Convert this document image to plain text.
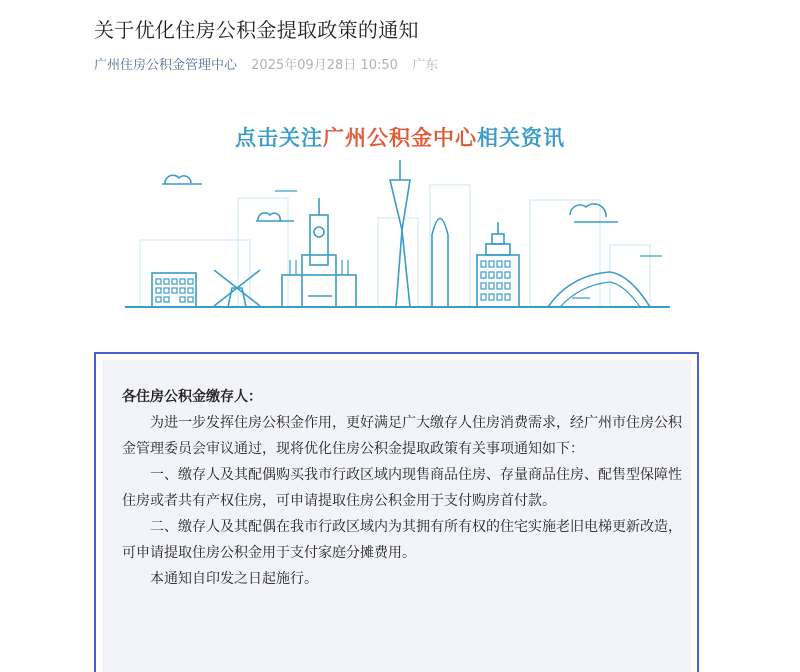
关于优化住房公积金提取政策的通知
广州住房公积金管理中心 2025年09月28日 10:50 广东
点击关注广州公积金中心相关资讯

各住房公积金缴存人：

为进一步发挥住房公积金作用，更好满足广大缴存人住房消费需求，经广州市住房公积金管理委员会审议通过，现将优化住房公积金提取政策有关事项通知如下：

一、缴存人及其配偶购买我市行政区域内现售商品住房、存量商品住房、配售型保障性住房或者共有产权住房，可申请提取住房公积金用于支付购房首付款。

二、缴存人及其配偶在我市行政区域内为其拥有所有权的住宅实施老旧电梯更新改造，可申请提取住房公积金用于支付家庭分摊费用。

本通知自印发之日起施行。
